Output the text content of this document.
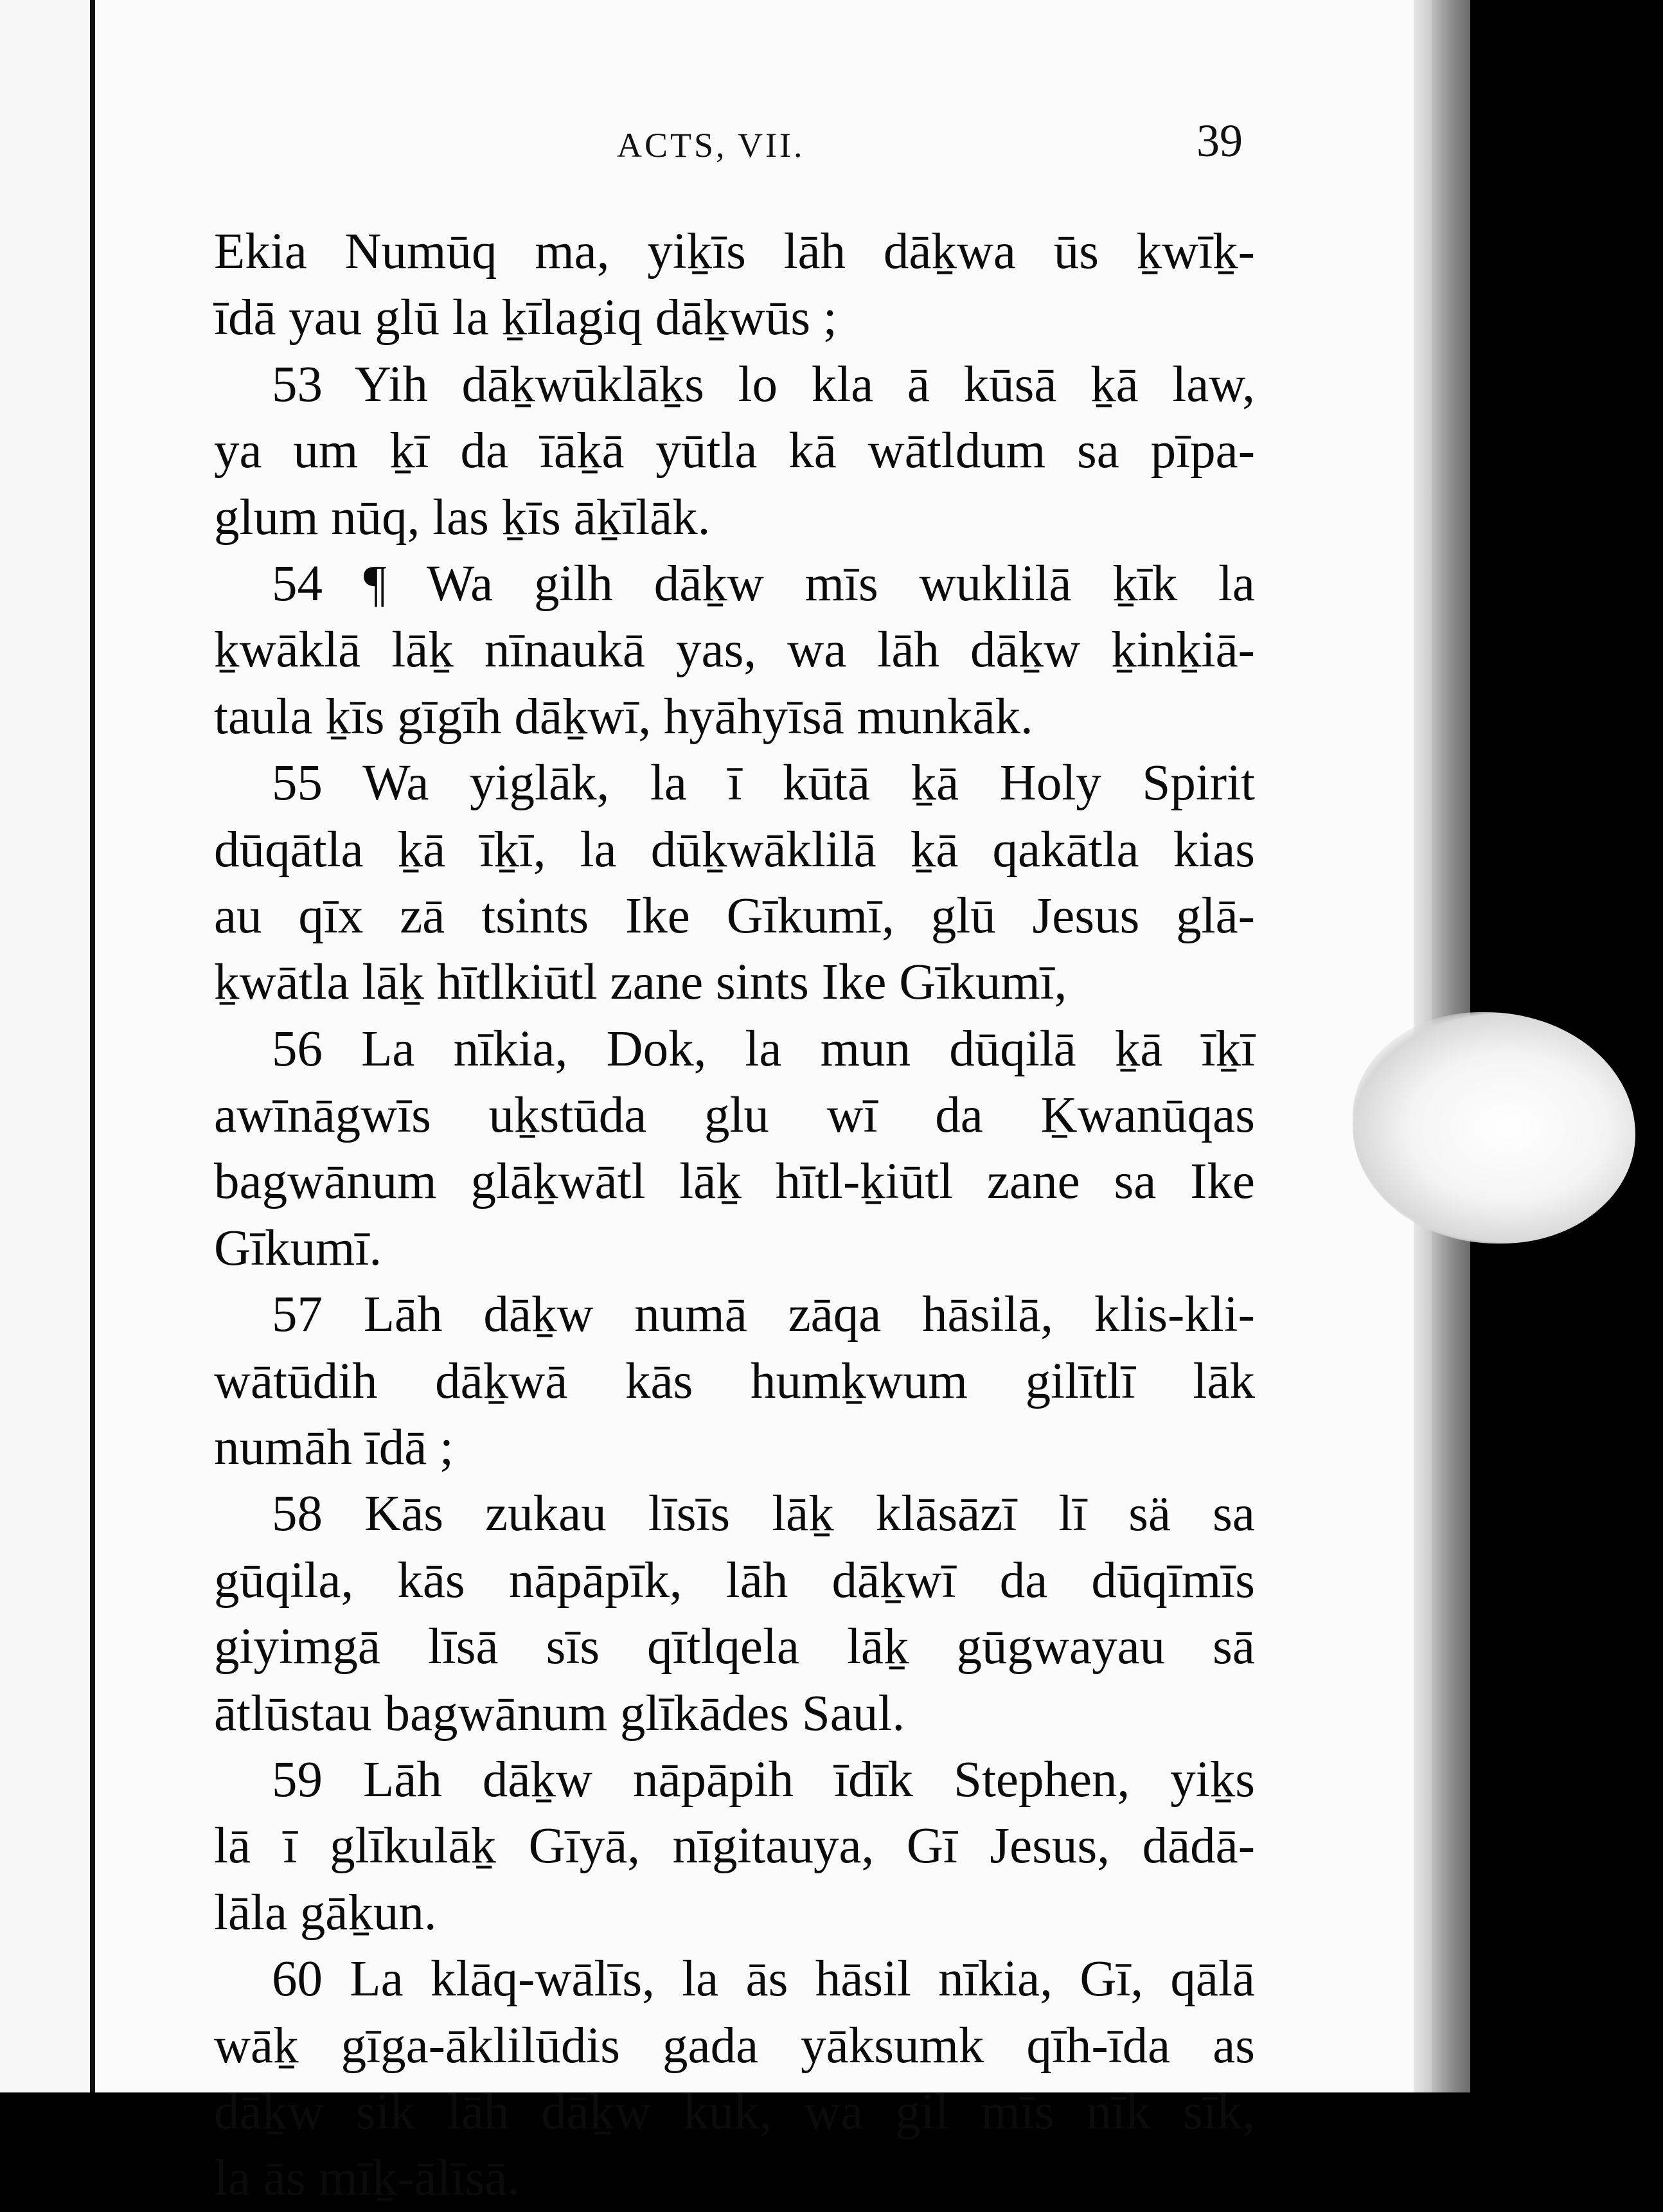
ACTS, VII.	39
Ekia Numūq ma, yiḵīs lāh dāḵwa ūs ḵwīḵ-
īdā yau glū la ḵīlagiq dāḵwūs ;
53 Yih dāḵwūklāḵs lo kla ā kūsā ḵā law,
ya um ḵī da īāḵā yūtla kā wātldum sa pīpa-
glum nūq, las ḵīs āḵīlāk.
54 ¶ Wa gilh dāḵw mīs wuklilā ḵīk la
ḵwāklā lāḵ nīnaukā yas, wa lāh dāḵw ḵinḵiā-
taula ḵīs gīgīh dāḵwī, hyāhyīsā munkāk.
55 Wa yiglāk, la ī kūtā ḵā Holy Spirit
dūqātla ḵā īḵī, la dūḵwāklilā ḵā qakātla kias
au qīx zā tsints Ike Gīkumī, glū Jesus glā-
ḵwātla lāḵ hītlkiūtl zane sints Ike Gīkumī,
56 La nīkia, Dok, la mun dūqilā ḵā īḵī
awīnāgwīs uḵstūda glu wī da Ḵwanūqas
bagwānum glāḵwātl lāḵ hītl-ḵiūtl zane sa Ike
Gīkumī.
57 Lāh dāḵw numā zāqa hāsilā, klis-kli-
wātūdih dāḵwā kās humḵwum gilītlī lāk
numāh īdā ;
58 Kās zukau līsīs lāḵ klāsāzī lī sä sa
gūqila, kās nāpāpīk, lāh dāḵwī da dūqīmīs
giyimgā līsā sīs qītlqela lāḵ gūgwayau sā
ātlūstau bagwānum glīkādes Saul.
59 Lāh dāḵw nāpāpih īdīk Stephen, yiḵs
lā ī glīkulāḵ Gīyā, nīgitauya, Gī Jesus, dādā-
lāla gāḵun.
60 La klāq-wālīs, la ās hāsil nīkia, Gī, qālā
wāḵ gīga-āklilūdis gada yāksumk qīh-īda as
dāḵw sik lāh dāḵw kuk, wa gil mīs nīk sīk,
la ās mīḵ-ālīsā.
